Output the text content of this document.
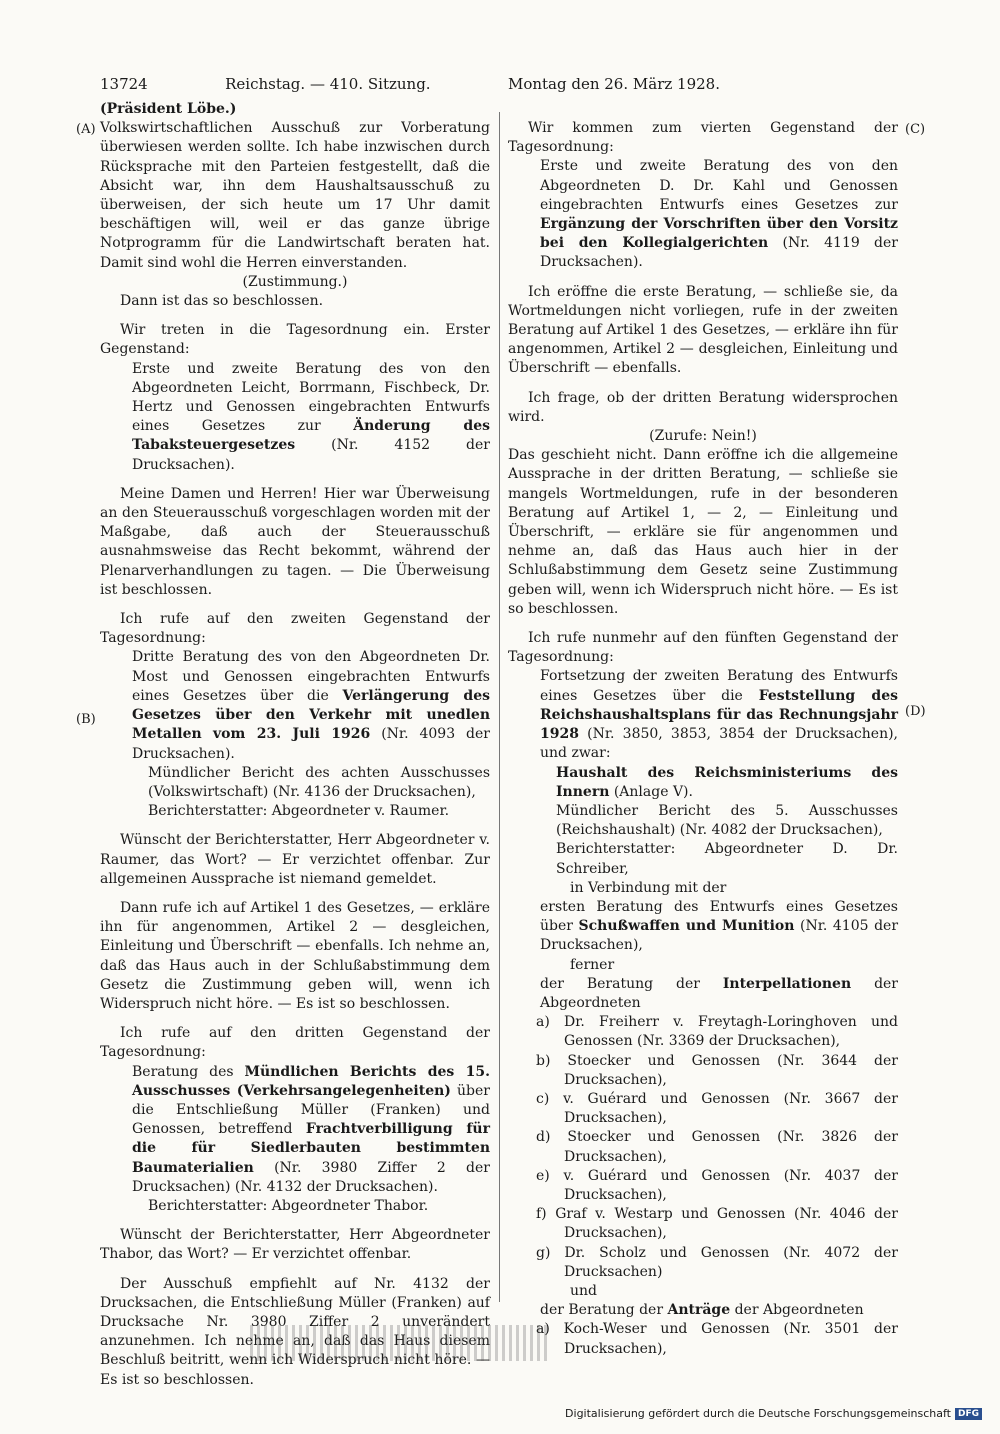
13724	Reichstag. — 410. Sitzung.	Montag den 26. März 1928.
(A)
(B)
(C)
(D)

(Präsident Löbe.)

Volkswirtschaftlichen Ausschuß zur Vorberatung überwiesen werden sollte. Ich habe inzwischen durch Rücksprache mit den Parteien festgestellt, daß die Absicht war, ihn dem Haushaltsausschuß zu überweisen, der sich heute um 17 Uhr damit beschäftigen will, weil er das ganze übrige Notprogramm für die Landwirtschaft beraten hat. Damit sind wohl die Herren einverstanden.

(Zustimmung.)

Dann ist das so beschlossen.

Wir treten in die Tagesordnung ein. Erster Gegenstand:

Erste und zweite Beratung des von den Abgeordneten Leicht, Borrmann, Fischbeck, Dr. Hertz und Genossen eingebrachten Entwurfs eines Gesetzes zur Änderung des Tabaksteuergesetzes	(Nr. 4152 der Drucksachen).

Meine Damen und Herren! Hier war Überweisung an den Steuerausschuß vorgeschlagen worden mit der Maßgabe, daß auch der Steuerausschuß ausnahmsweise das Recht bekommt, während der Plenarverhandlungen zu tagen. — Die Überweisung ist beschlossen.

Ich rufe auf den zweiten Gegenstand der Tagesordnung:

Dritte Beratung des von den Abgeordneten Dr. Most und Genossen eingebrachten Entwurfs eines Gesetzes über die Verlängerung des Gesetzes über den Verkehr mit unedlen Metallen vom 23. Juli 1926 (Nr. 4093 der Drucksachen).

Mündlicher Bericht des achten Ausschusses (Volkswirtschaft) (Nr. 4136 der Drucksachen),

Berichterstatter: Abgeordneter v. Raumer.

Wünscht der Berichterstatter, Herr Abgeordneter v. Raumer, das Wort? — Er verzichtet offenbar. Zur allgemeinen Aussprache ist niemand gemeldet.

Dann rufe ich auf Artikel 1 des Gesetzes, — erkläre ihn für angenommen, Artikel 2 — desgleichen, Einleitung und Überschrift — ebenfalls. Ich nehme an, daß das Haus auch in der Schlußabstimmung dem Gesetz die Zustimmung geben will, wenn ich Widerspruch nicht höre. — Es ist so beschlossen.

Ich rufe auf den dritten Gegenstand der Tagesordnung:

Beratung des Mündlichen Berichts des 15. Ausschusses (Verkehrsangelegenheiten) über die Entschließung Müller (Franken) und Genossen, betreffend Frachtverbilligung für die für Siedlerbauten bestimmten Baumaterialien (Nr. 3980 Ziffer 2 der Drucksachen) (Nr. 4132 der Drucksachen).

Berichterstatter: Abgeordneter Thabor.

Wünscht der Berichterstatter, Herr Abgeordneter Thabor, das Wort? — Er verzichtet offenbar.

Der Ausschuß empfiehlt auf Nr. 4132 der Drucksachen, die Entschließung Müller (Franken) auf Drucksache Nr. 3980 Ziffer 2 unverändert anzunehmen. Ich nehme an, daß das Haus diesem Beschluß beitritt, wenn ich Widerspruch nicht höre. — Es ist so beschlossen.

Wir kommen zum vierten Gegenstand der Tagesordnung:

Erste und zweite Beratung des von den Abgeordneten D. Dr. Kahl und Genossen eingebrachten Entwurfs eines Gesetzes zur Ergänzung der Vorschriften über den Vorsitz bei den Kollegialgerichten (Nr. 4119 der Drucksachen).

Ich eröffne die erste Beratung, — schließe sie, da Wortmeldungen nicht vorliegen, rufe in der zweiten Beratung auf Artikel 1 des Gesetzes, — erkläre ihn für angenommen, Artikel 2 — desgleichen, Einleitung und Überschrift — ebenfalls.

Ich frage, ob der dritten Beratung widersprochen wird.

(Zurufe: Nein!)

Das geschieht nicht. Dann eröffne ich die allgemeine Aussprache in der dritten Beratung, — schließe sie mangels Wortmeldungen, rufe in der besonderen Beratung auf Artikel 1, — 2, — Einleitung und Überschrift, — erkläre sie für angenommen und nehme an, daß das Haus auch hier in der Schlußabstimmung dem Gesetz seine Zustimmung geben will, wenn ich Widerspruch nicht höre. — Es ist so beschlossen.

Ich rufe nunmehr auf den fünften Gegenstand der Tagesordnung:

Fortsetzung der zweiten Beratung des Entwurfs eines Gesetzes über die Feststellung des Reichshaushaltsplans für das Rechnungsjahr 1928 (Nr. 3850, 3853, 3854 der Drucksachen), und zwar:

Haushalt des Reichsministeriums des Innern (Anlage V).

Mündlicher Bericht des 5. Ausschusses (Reichshaushalt) (Nr. 4082 der Drucksachen),

Berichterstatter: Abgeordneter D. Dr. Schreiber,

in Verbindung mit der

ersten Beratung des Entwurfs eines Gesetzes über Schußwaffen und Munition (Nr. 4105 der Drucksachen),

ferner

der Beratung der Interpellationen der Abgeordneten

a) Dr. Freiherr v. Freytagh-Loringhoven und Genossen (Nr. 3369 der Drucksachen),

b) Stoecker und Genossen (Nr. 3644 der Drucksachen),

c) v. Guérard und Genossen (Nr. 3667 der Drucksachen),

d) Stoecker und Genossen (Nr. 3826 der Drucksachen),

e) v. Guérard und Genossen (Nr. 4037 der Drucksachen),

f) Graf v. Westarp und Genossen (Nr. 4046 der Drucksachen),

g) Dr. Scholz und Genossen (Nr. 4072 der Drucksachen)

und

der Beratung der Anträge der Abgeordneten

a) Koch-Weser und Genossen (Nr. 3501 der Drucksachen),

Digitalisierung gefördert durch die Deutsche Forschungsgemeinschaft DFG
